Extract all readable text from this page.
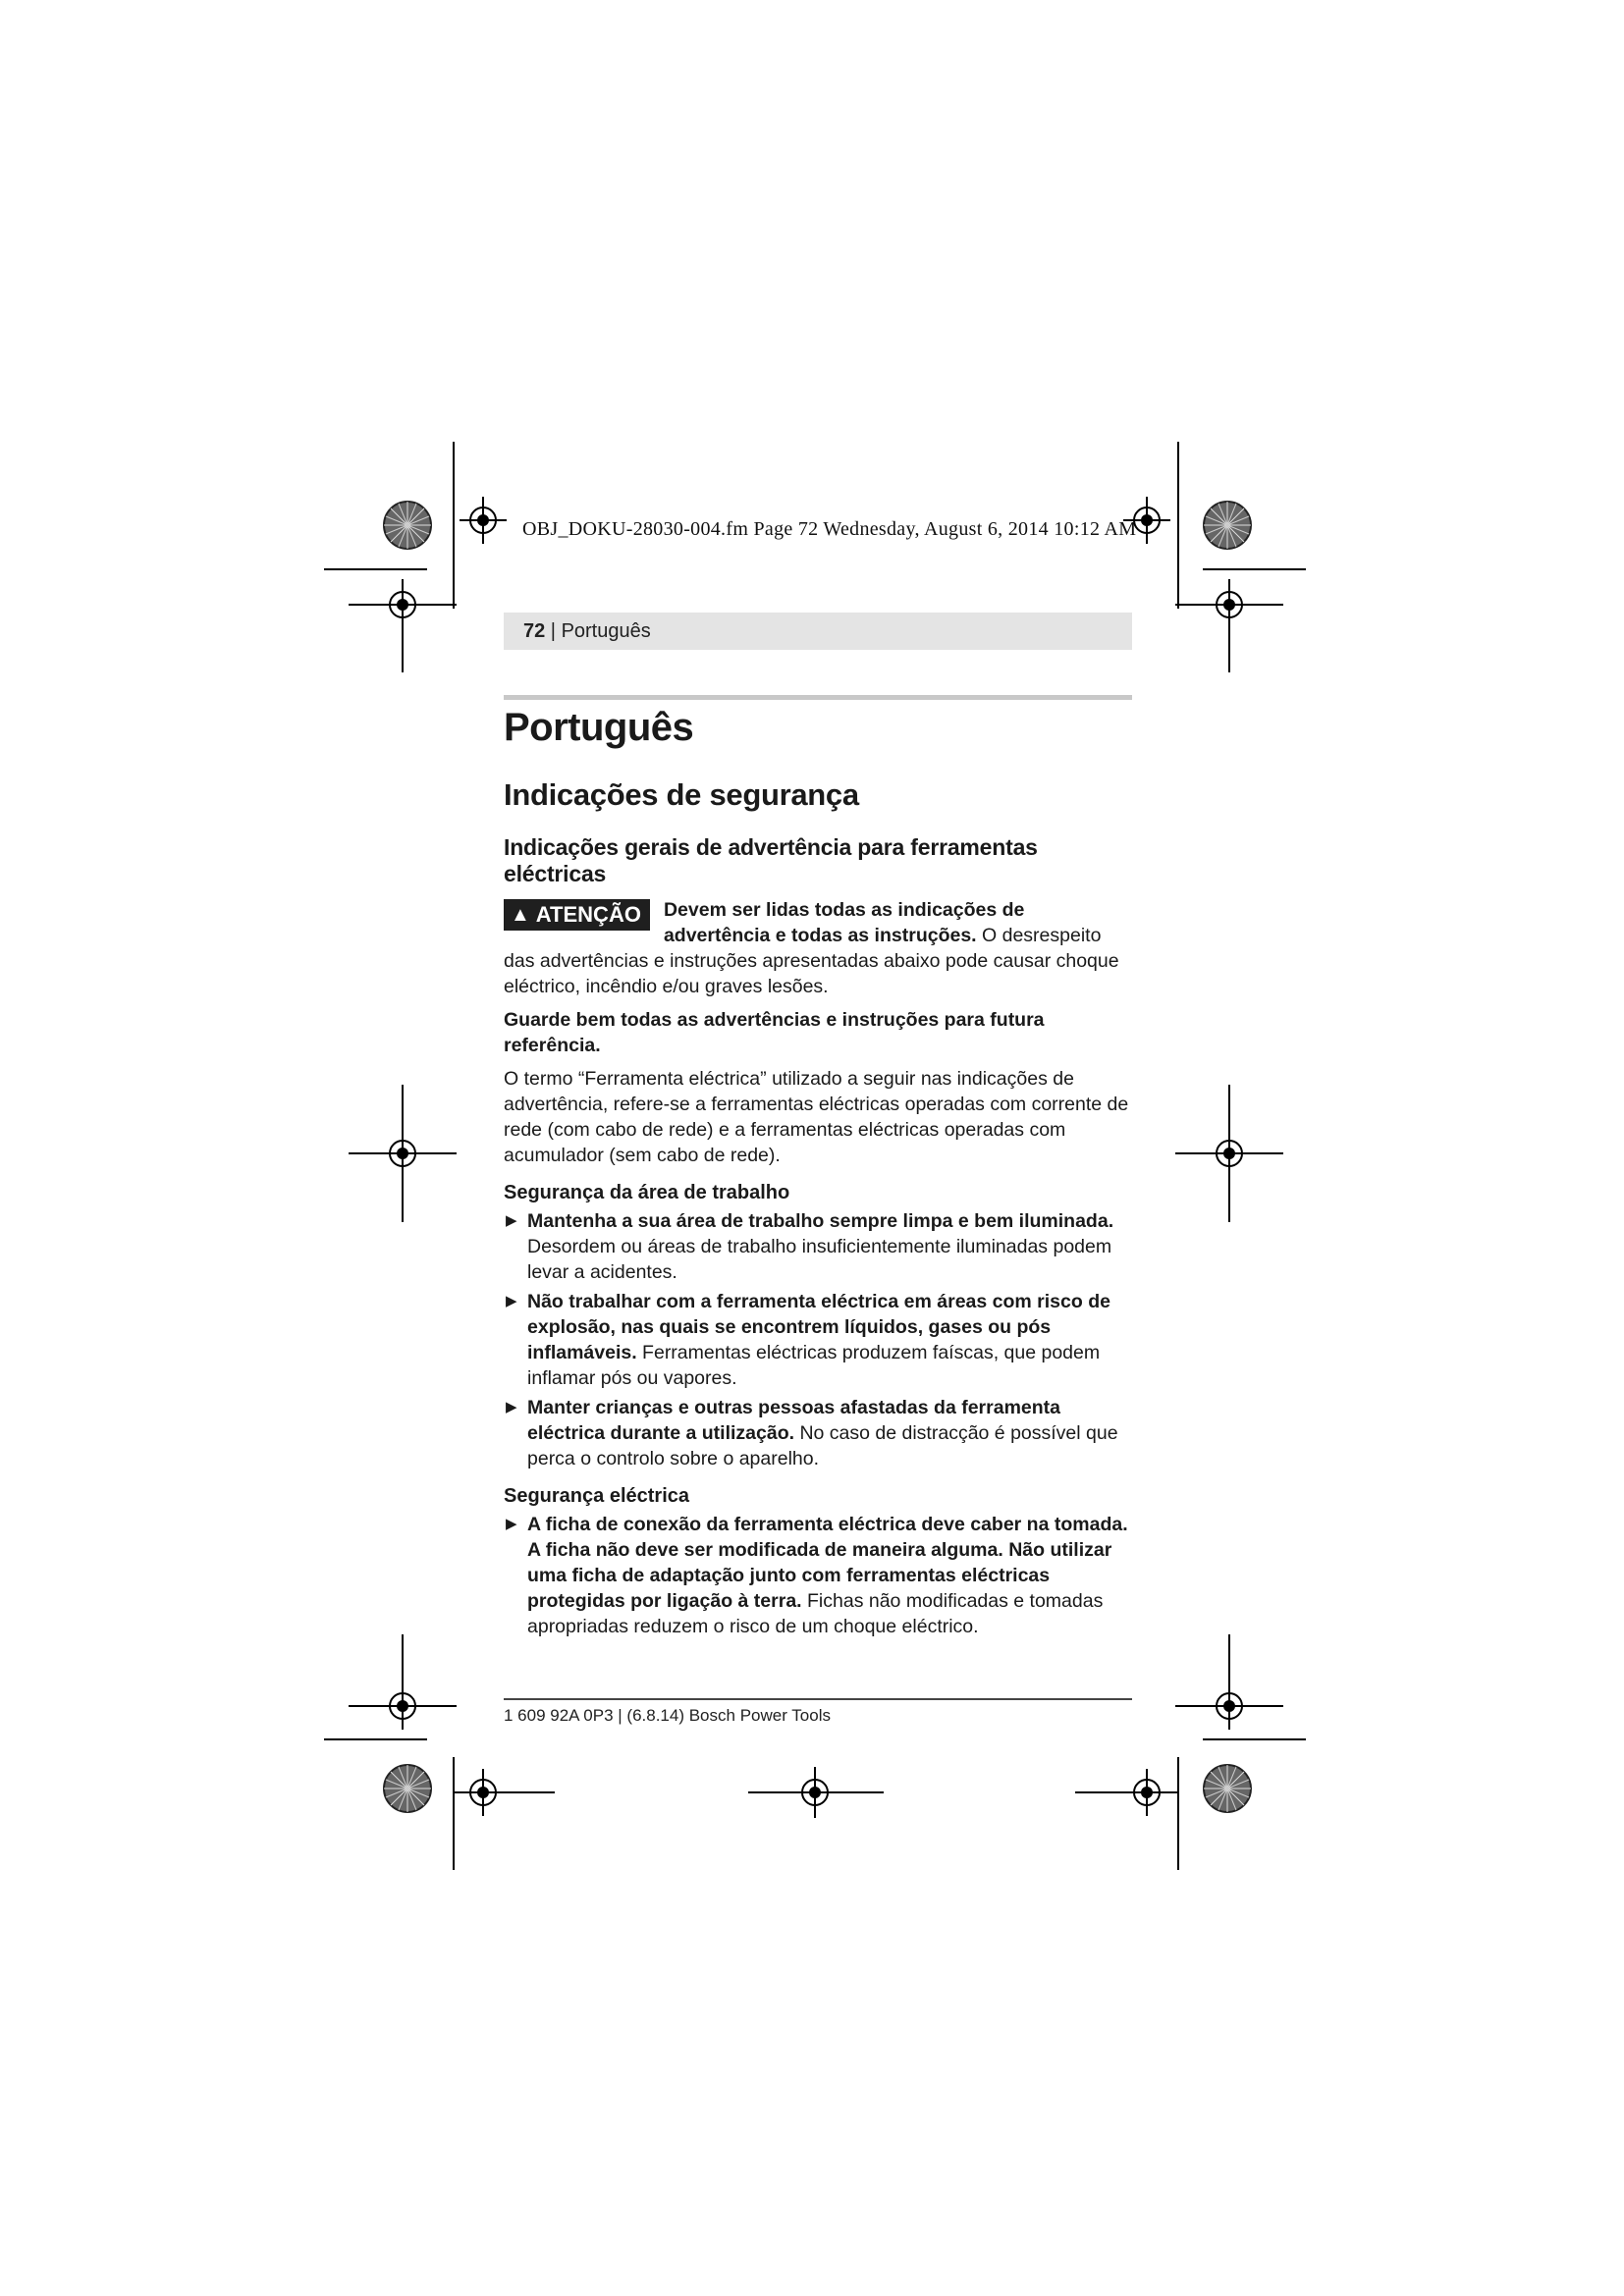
OBJ_DOKU-28030-004.fm Page 72 Wednesday, August 6, 2014 10:12 AM
72 | Português
Português
Indicações de segurança
Indicações gerais de advertência para ferramentas eléctricas
▲ ATENÇÃO	Devem ser lidas todas as indicações de advertência e todas as instruções. O desrespeito das advertências e instruções apresentadas abaixo pode causar choque eléctrico, incêndio e/ou graves lesões.

Guarde bem todas as advertências e instruções para futura referência.

O termo “Ferramenta eléctrica” utilizado a seguir nas indicações de advertência, refere-se a ferramentas eléctricas operadas com corrente de rede (com cabo de rede) e a ferramentas eléctricas operadas com acumulador (sem cabo de rede).

Segurança da área de trabalho
▶ Mantenha a sua área de trabalho sempre limpa e bem iluminada. Desordem ou áreas de trabalho insuficientemente iluminadas podem levar a acidentes.
▶ Não trabalhar com a ferramenta eléctrica em áreas com risco de explosão, nas quais se encontrem líquidos, gases ou pós inflamáveis. Ferramentas eléctricas produzem faíscas, que podem inflamar pós ou vapores.
▶ Manter crianças e outras pessoas afastadas da ferramenta eléctrica durante a utilização. No caso de distracção é possível que perca o controlo sobre o aparelho.
Segurança eléctrica
▶ A ficha de conexão da ferramenta eléctrica deve caber na tomada. A ficha não deve ser modificada de maneira alguma. Não utilizar uma ficha de adaptação junto com ferramentas eléctricas protegidas por ligação à terra. Fichas não modificadas e tomadas apropriadas reduzem o risco de um choque eléctrico.
1 609 92A 0P3 | (6.8.14) Bosch Power Tools
